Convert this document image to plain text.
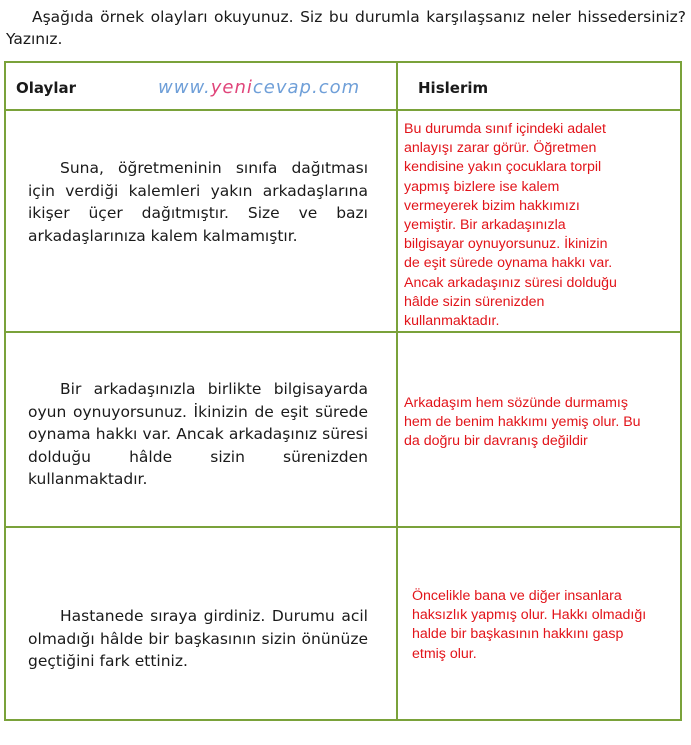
Aşağıda örnek olayları okuyunuz. Siz bu durumla karşılaşsanız neler hissedersiniz? Yazınız.

Olaylar	Hislerim
www.yenicevap.com

Suna, öğretmeninin sınıfa dağıtması için verdiği kalemleri yakın arkadaşlarına ikişer üçer dağıtmıştır. Size ve bazı arkadaşlarınıza kalem kalmamıştır.

Bu durumda sınıf içindeki adalet
anlayışı zarar görür. Öğretmen
kendisine yakın çocuklara torpil
yapmış bizlere ise kalem
vermeyerek bizim hakkımızı
yemiştir. Bir arkadaşınızla
bilgisayar oynuyorsunuz. İkinizin
de eşit sürede oynama hakkı var.
Ancak arkadaşınız süresi dolduğu
hâlde sizin sürenizden
kullanmaktadır.

Bir arkadaşınızla birlikte bilgisayarda oyun oynuyorsunuz. İkinizin de eşit sürede oynama hakkı var. Ancak arkadaşınız süresi dolduğu hâlde sizin sürenizden kullanmaktadır.

Arkadaşım hem sözünde durmamış
hem de benim hakkımı yemiş olur. Bu
da doğru bir davranış değildir

Hastanede sıraya girdiniz. Durumu acil olmadığı hâlde bir başkasının sizin önünüze geçtiğini fark ettiniz.

Öncelikle bana ve diğer insanlara
haksızlık yapmış olur. Hakkı olmadığı
halde bir başkasının hakkını gasp
etmiş olur.
